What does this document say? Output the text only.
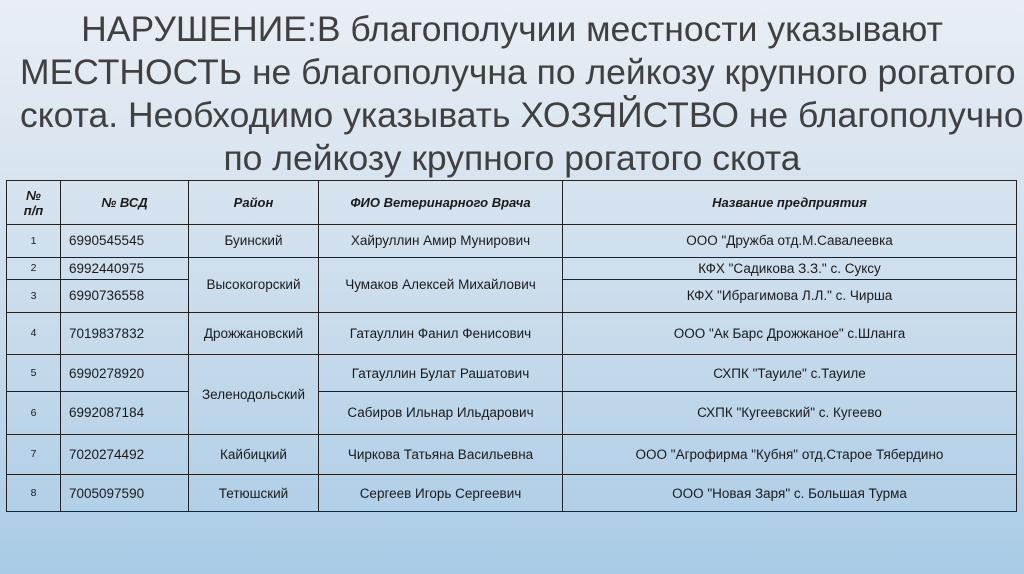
НАРУШЕНИЕ:В благополучии местности указывают
МЕСТНОСТЬ не благополучна по лейкозу крупного рогатого
скота. Необходимо указывать ХОЗЯЙСТВО не благополучно
по лейкозу крупного рогатого скота
№
п/п	№ ВСД	Район	ФИО Ветеринарного Врача	Название предприятия
1	6990545545	Буинский	Хайруллин Амир Мунирович	ООО "Дружба отд.М.Савалеевка
2	6992440975	Высокогорский	Чумаков Алексей Михайлович	КФХ "Садикова З.З." с. Суксу
3	6990736558			КФХ "Ибрагимова Л.Л." с. Чирша
4	7019837832	Дрожжановский	Гатауллин Фанил Фенисович	ООО "Ак Барс Дрожжаное" с.Шланга
5	6990278920	Зеленодольский	Гатауллин Булат Рашатович	СХПК "Тауиле" с.Тауиле
6	6992087184		Сабиров Ильнар Ильдарович	СХПК "Кугеевский" с. Кугеево
7	7020274492	Кайбицкий	Чиркова Татьяна Васильевна	ООО "Агрофирма "Кубня" отд.Старое Тябердино
8	7005097590	Тетюшский	Сергеев Игорь Сергеевич	ООО "Новая Заря" с. Большая Турма
